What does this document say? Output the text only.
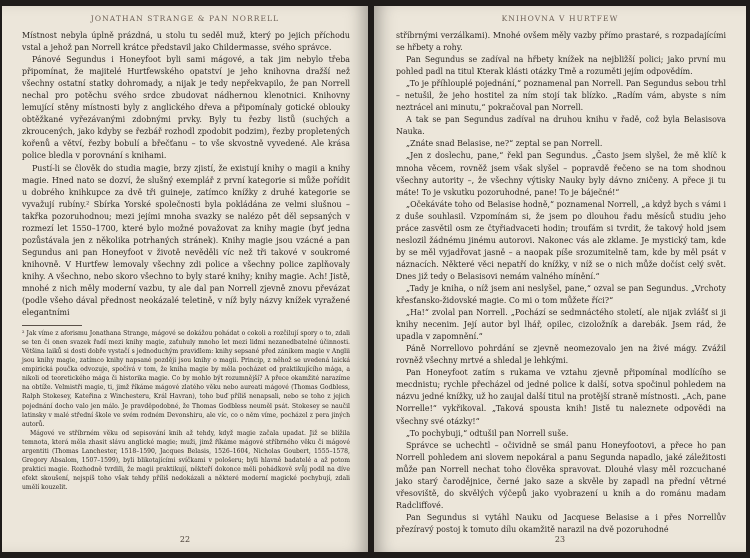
JONATHAN STRANGE & PAN NORRELL

Místnost nebyla úplně prázdná, u stolu tu seděl muž, který po jejich příchodu vstal a jehož pan Norrell krátce představil jako Childermasse, svého správce.

Pánové Segundus i Honeyfoot byli sami mágové, a tak jim nebylo třeba připomínat, že majitelé Hurtfewského opatství je jeho knihovna dražší než všechny ostatní statky dohromady, a nijak je tedy nepřekvapilo, že pan Norrell nechal pro potěchu svého srdce zbudovat nádhernou klenotnici. Knihovny lemující stěny místnosti byly z anglického dřeva a připomínaly gotické oblouky obtěžkané vyřezávanými zdobnými prvky. Byly tu řezby listů (suchých a zkroucených, jako kdyby se řezbář rozhodl zpodobit podzim), řezby propletených kořenů a větví, řezby bobulí a břečťanu – to vše skvostně vyvedené. Ale krása police bledla v porovnání s knihami.

Pustí-li se člověk do studia magie, brzy zjistí, že existují knihy o magii a knihy magie. Hned nato se dozví, že slušný exemplář z první kategorie si může pořídit u dobrého knihkupce za dvě tři guineje, zatímco knížky z druhé kategorie se vyvažují rubíny.² Sbírka Yorské společnosti byla pokládána ze velmi slušnou – takřka pozoruhodnou; mezi jejími mnoha svazky se nalézo pět děl sepsaných v rozmezí let 1550–1700, které bylo možné považovat za knihy magie (byť jedna pozůstávala jen z několika potrhaných stránek). Knihy magie jsou vzácné a pan Segundus ani pan Honeyfoot v životě nevěděli víc než tři takové v soukromé knihovně. V Hurtfew lemovaly všechny zdi police a všechny police zaplňovaly knihy. A všechno, nebo skoro všechno to byly staré knihy; knihy magie. Ach! Jistě, mnohé z nich měly moderní vazbu, ty ale dal pan Norrell zjevně znovu převázat (podle všeho dával přednost neokázalé teletině, v níž byly názvy knížek vyražené elegantními

² Jak víme z aforismu Jonathana Strange, mágové se dokážou pohádat o cokoli a rozčilují spory o to, zdali se ten či onen svazek řadí mezi knihy magie, zaťuhuly mnoho let mezi lidmi nezanedbatelné účinnosti. Většina laiků si dosti dobře vystačí s jednoduchým pravidlem: knihy sepsané před zánikem magie v Anglii jsou knihy magie, zatímco knihy napsané později jsou knihy o magii. Princip, z něhož se uvedená laická empirická poučka odvozuje, spočívá v tom, že kniha magie by měla pocházet od praktikujícího mága, a nikoli od teoretického mága či historika magie. Co by mohlo být rozumnější? A přece okamžité narazíme na obtíže. Velmistři magie, ti, jimž říkáme mágové zlatého věku nebo aureati mágové (Thomas Godbless, Ralph Stokesey, Kateřina z Winchesteru, Král Havran), toho buď příliš nenapsali, nebo se toho z jejich pojednání docho valo jen málo. Je pravděpodobné, že Thomas Godbless neuměl psát. Stokesey se naučil latinsky v malé střední škole ve svém rodném Devonshiru, ale víc, co o něm víme, pocházel z pera jiných autorů.

Mágové ve stříbrném věku od sepisování knih až tehdy, když magie začala upadat. Již se blížila temnota, která měla zhasit slávu anglické magie; muži, jimž říkáme mágové stříbrného věku či mágové argentiti (Thomas Lanchester, 1518–1590, Jacques Belasis, 1526–1604, Nicholas Goubert, 1555–1578, Gregory Absalom, 1507–1599), byli blikotajícími svíčkami v pološeru; byli hlavně badatelé a až potom praktici magie. Rozhodně tvrdili, že magii praktikují, někteří dokonce měli pohádkově svůj podíl na díve efekt skoušení, nejspíš toho však tehdy příliš nedokázali a některé moderní magické pochybují, zdali umělí kouzelit.

22
KNIHOVNA V HURTFEW

stříbrnými verzálkami). Mnohé ovšem měly vazby přímo prastaré, s rozpadajícími se hřbety a rohy.

Pan Segundus se zadíval na hřbety knížek na nejbližší polici; jako první mu pohled padl na titul Kterak klásti otázky Tmě a rozuměti jejím odpovědím.

„To je příhlouplé pojednání,“ poznamenal pan Norrell. Pan Segundus sebou trhl – netušil, že jeho hostitel za ním stojí tak blízko. „Radím vám, abyste s ním neztrácel ani minutu,“ pokračoval pan Norrell.

A tak se pan Segundus zadíval na druhou knihu v řadě, což byla Belasisova Nauka.

„Znáte snad Belasise, ne?“ zeptal se pan Norrell.

„Jen z doslechu, pane,“ řekl pan Segundus. „Často jsem slyšel, že mě klíč k mnoha věcem, rovněž jsem však slyšel – popravdě řečeno se na tom shodnou všechny autority –, že všechny výtisky Nauky byly dávno zničeny. A přece ji tu máte! To je vskutku pozoruhodné, pane! To je báječné!“

„Očekáváte toho od Belasise hodně,“ poznamenal Norrell, „a když bych s vámi i z duše souhlasil. Vzpomínám si, že jsem po dlouhou řadu měsíců studiu jeho práce zasvětil osm ze čtyřiadvaceti hodin; troufám si tvrdit, že takový hold jsem neslozil žádnému jinému autorovi. Nakonec vás ale zklame. Je mystický tam, kde by se měl vyjadřovat jasně – a naopak píše srozumitelně tam, kde by měl psát v náznacích. Některé věci nepatří do knížky, v níž se o nich může dočíst celý svět. Dnes již tedy o Belasisovi nemám valného mínění.“

„Tady je kniha, o níž jsem ani neslyšel, pane,“ ozval se pan Segundus. „Vrchoty křesťansko-židovské magie. Co mi o tom můžete říci?“

„Ha!“ zvolal pan Norrell. „Pochází se sedmnáctého století, ale nijak zvlášť si ji knihy necenim. Její autor byl lhář, opilec, cizoložník a darebák. Jsem rád, že upadla v zapomnění.“

Páně Norrellovo pohrdání se zjevně neomezovalo jen na živé mágy. Zvážil rovněž všechny mrtvé a shledal je lehkými.

Pan Honeyfoot zatím s rukama ve vztahu zjevně připomínal modlícího se mecdnistu; rychle přecházel od jedné police k další, sotva spočinul pohledem na názvu jedné knížky, už ho zaujal další titul na protější straně místnosti. „Ach, pane Norrelle!“ vykřikoval. „Taková spousta knih! Jistě tu naleznete odpovědi na všechny své otázky!“

„To pochybuji,“ odtušil pan Norrell suše.

Správce se uchechtl – očividně se smál panu Honeyfootovi, a přece ho pan Norrell pohledem ani slovem nepokáral a panu Segunda napadlo, jaké záležitosti může pan Norrell nechat toho člověka spravovat. Dlouhé vlasy měl rozcuchané jako starý čarodějnice, černé jako saze a skvěle by zapadl na přední větrné vřesoviště, do skvělých výčepů jako vyobrazení u knih a do románu madam Radcliffové.

Pan Segundus si vytáhl Nauku od Jacquese Belasise a i přes Norrellův přezíravý postoj k tomuto dílu okamžitě narazil na dvě pozoruhodné

23
